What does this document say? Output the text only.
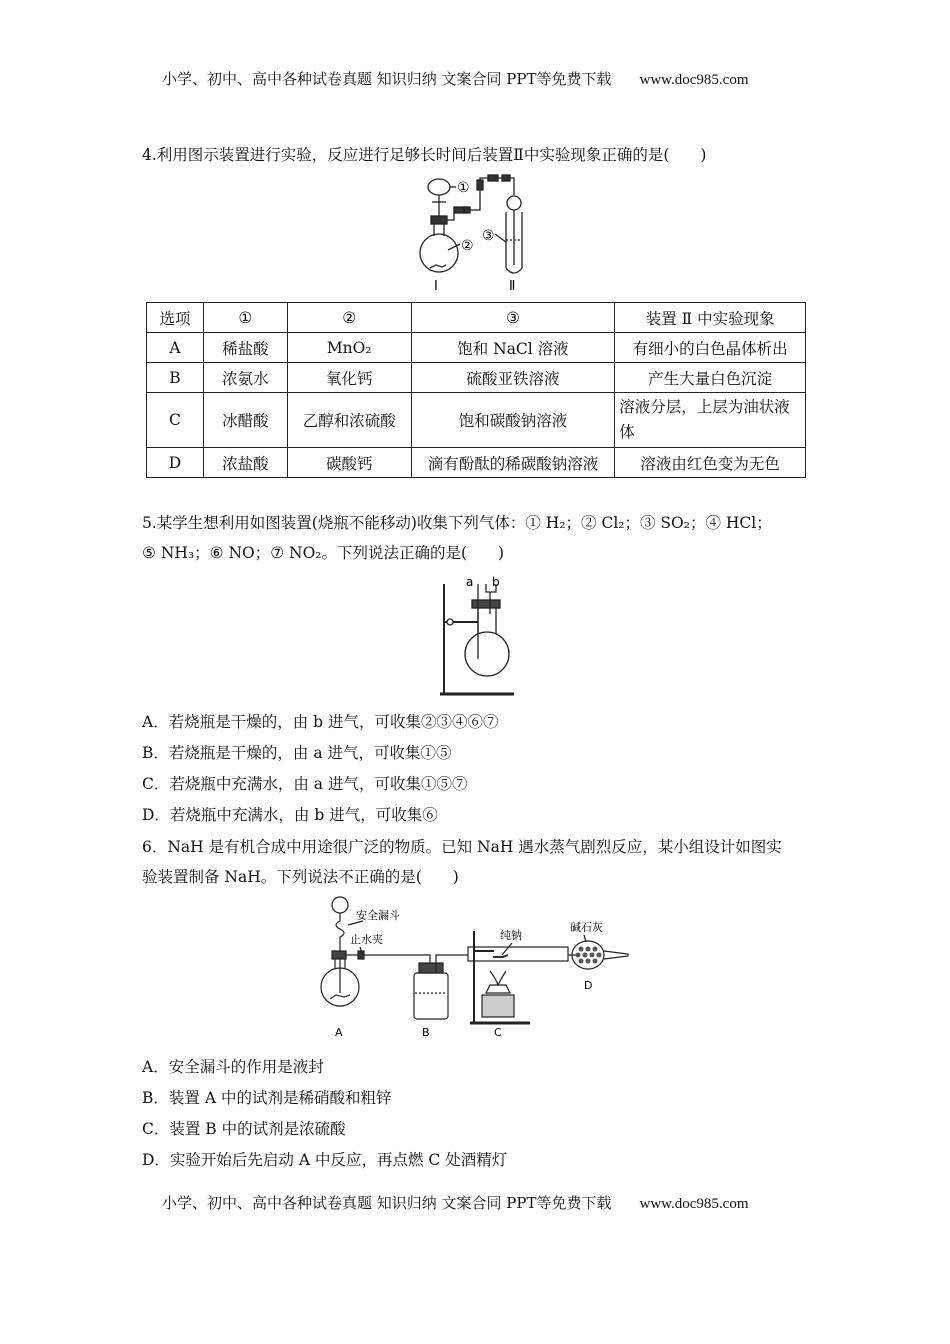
小学、初中、高中各种试卷真题 知识归纳 文案合同 PPT等免费下载 www.doc985.com
4.利用图示装置进行实验，反应进行足够长时间后装置Ⅱ中实验现象正确的是(　　)
①
②
③
Ⅰ	Ⅱ
选项	①	②	③	装置 Ⅱ 中实验现象
A	稀盐酸	MnO₂	饱和 NaCl 溶液	有细小的白色晶体析出
B	浓氨水	氧化钙	硫酸亚铁溶液	产生大量白色沉淀
C	冰醋酸	乙醇和浓硫酸	饱和碳酸钠溶液	溶液分层，上层为油状液体
D	浓盐酸	碳酸钙	滴有酚酞的稀碳酸钠溶液	溶液由红色变为无色
5.某学生想利用如图装置(烧瓶不能移动)收集下列气体：① H₂；② Cl₂；③ SO₂；④ HCl；
⑤ NH₃；⑥ NO；⑦ NO₂。下列说法正确的是(　　)
a b
A．若烧瓶是干燥的，由 b 进气，可收集②③④⑥⑦
B．若烧瓶是干燥的，由 a 进气，可收集①⑤
C．若烧瓶中充满水，由 a 进气，可收集①⑤⑦
D．若烧瓶中充满水，由 b 进气，可收集⑥
6．NaH 是有机合成中用途很广泛的物质。已知 NaH 遇水蒸气剧烈反应，某小组设计如图实
验装置制备 NaH。下列说法不正确的是(　　)
安全漏斗
止水夹	纯钠
碱石灰
A	B	C
D
A．安全漏斗的作用是液封
B．装置 A 中的试剂是稀硝酸和粗锌
C．装置 B 中的试剂是浓硫酸
D．实验开始后先启动 A 中反应，再点燃 C 处酒精灯
小学、初中、高中各种试卷真题 知识归纳 文案合同 PPT等免费下载 www.doc985.com
